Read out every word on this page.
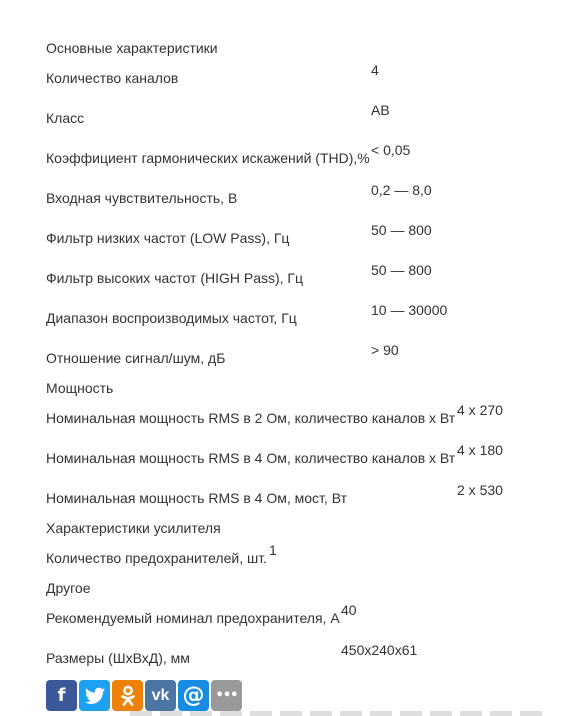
Основные характеристики
Количество каналов	4
Класс	AB
Коэффициент гармонических искажений (THD),% < 0,05
Входная чувствительность, В	0,2 — 8,0
Фильтр низких частот (LOW Pass), Гц	50 — 800
Фильтр высоких частот (HIGH Pass), Гц	50 — 800
Диапазон воспроизводимых частот, Гц	10 — 30000
Отношение сигнал/шум, дБ	> 90
Мощность
Номинальная мощность RMS в 2 Ом, количество каналов х Вт 4 x 270
Номинальная мощность RMS в 4 Ом, количество каналов х Вт 4 x 180
Номинальная мощность RMS в 4 Ом, мост, Вт	2 x 530
Характеристики усилителя
Количество предохранителей, шт. 1
Другое
Рекомендуемый номинал предохранителя, А 40
Размеры (ШхВхД), мм	450x240x61
f	vk @ •••
